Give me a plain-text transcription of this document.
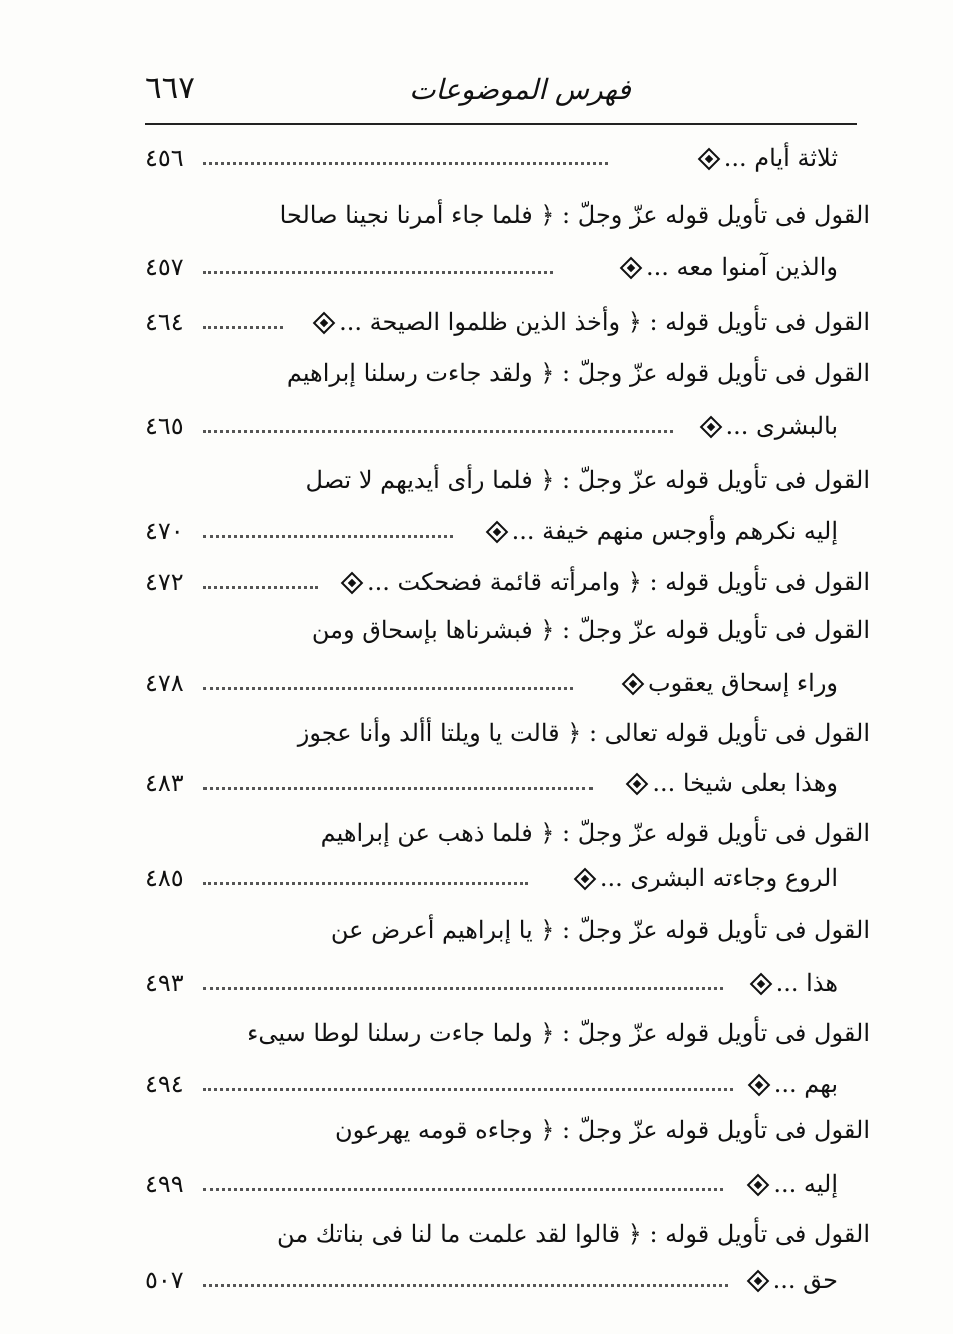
٦٦٧	فهرس الموضوعات
ثلاثة أيام ...
٤٥٦
القول فى تأويل قوله عزّ وجلّ : ﴿ فلما جاء أمرنا نجينا صالحا
والذين آمنوا معه ...
٤٥٧
القول فى تأويل قوله : ﴿ وأخذ الذين ظلموا الصيحة ...
٤٦٤
القول فى تأويل قوله عزّ وجلّ : ﴿ ولقد جاءت رسلنا إبراهيم
بالبشرى ...
٤٦٥
القول فى تأويل قوله عزّ وجلّ : ﴿ فلما رأى أيديهم لا تصل
إليه نكرهم وأوجس منهم خيفة ...
٤٧٠
القول فى تأويل قوله : ﴿ وامرأته قائمة فضحكت ...
٤٧٢
القول فى تأويل قوله عزّ وجلّ : ﴿ فبشرناها بإسحاق ومن
وراء إسحاق يعقوب
٤٧٨
القول فى تأويل قوله تعالى : ﴿ قالت يا ويلتا أألد وأنا عجوز
وهذا بعلى شيخا ...
٤٨٣
القول فى تأويل قوله عزّ وجلّ : ﴿ فلما ذهب عن إبراهيم
الروع وجاءته البشرى ...
٤٨٥
القول فى تأويل قوله عزّ وجلّ : ﴿ يا إبراهيم أعرض عن
هذا ...
٤٩٣
القول فى تأويل قوله عزّ وجلّ : ﴿ ولما جاءت رسلنا لوطا سيىء
بهم ...
٤٩٤
القول فى تأويل قوله عزّ وجلّ : ﴿ وجاءه قومه يهرعون
إليه ...
٤٩٩
القول فى تأويل قوله : ﴿ قالوا لقد علمت ما لنا فى بناتك من
حق ...
٥٠٧
